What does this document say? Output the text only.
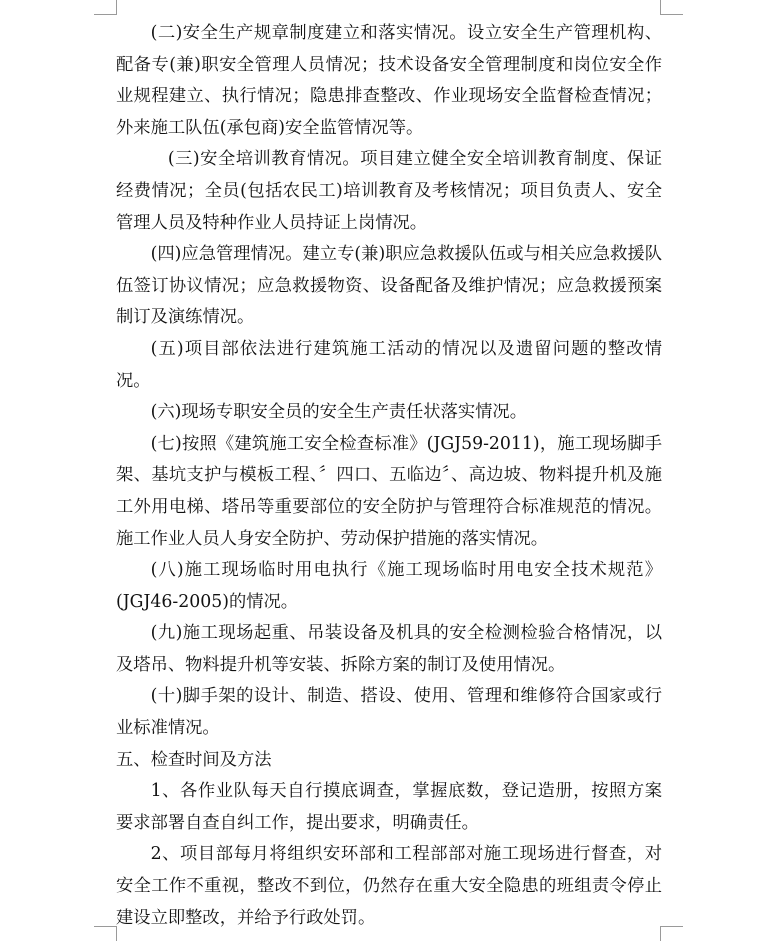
(二)安全生产规章制度建立和落实情况。设立安全生产管理机构、配备专(兼)职安全管理人员情况；技术设备安全管理制度和岗位安全作业规程建立、执行情况；隐患排查整改、作业现场安全监督检查情况；外来施工队伍(承包商)安全监管情况等。

(三)安全培训教育情况。项目建立健全安全培训教育制度、保证经费情况；全员(包括农民工)培训教育及考核情况；项目负责人、安全管理人员及特种作业人员持证上岗情况。

(四)应急管理情况。建立专(兼)职应急救援队伍或与相关应急救援队伍签订协议情况；应急救援物资、设备配备及维护情况；应急救援预案制订及演练情况。

(五)项目部依法进行建筑施工活动的情况以及遗留问题的整改情况。

(六)现场专职安全员的安全生产责任状落实情况。

(七)按照《建筑施工安全检查标准》(JGJ59-2011)，施工现场脚手架、基坑支护与模板工程、〞四口、五临边〞、高边坡、物料提升机及施工外用电梯、塔吊等重要部位的安全防护与管理符合标准规范的情况。施工作业人员人身安全防护、劳动保护措施的落实情况。

(八)施工现场临时用电执行《施工现场临时用电安全技术规范》(JGJ46-2005)的情况。

(九)施工现场起重、吊装设备及机具的安全检测检验合格情况，以及塔吊、物料提升机等安装、拆除方案的制订及使用情况。

(十)脚手架的设计、制造、搭设、使用、管理和维修符合国家或行业标准情况。

五、检查时间及方法

1、各作业队每天自行摸底调查，掌握底数，登记造册，按照方案要求部署自查自纠工作，提出要求，明确责任。

2、项目部每月将组织安环部和工程部部对施工现场进行督查，对安全工作不重视，整改不到位，仍然存在重大安全隐患的班组责令停止建设立即整改，并给予行政处罚。
